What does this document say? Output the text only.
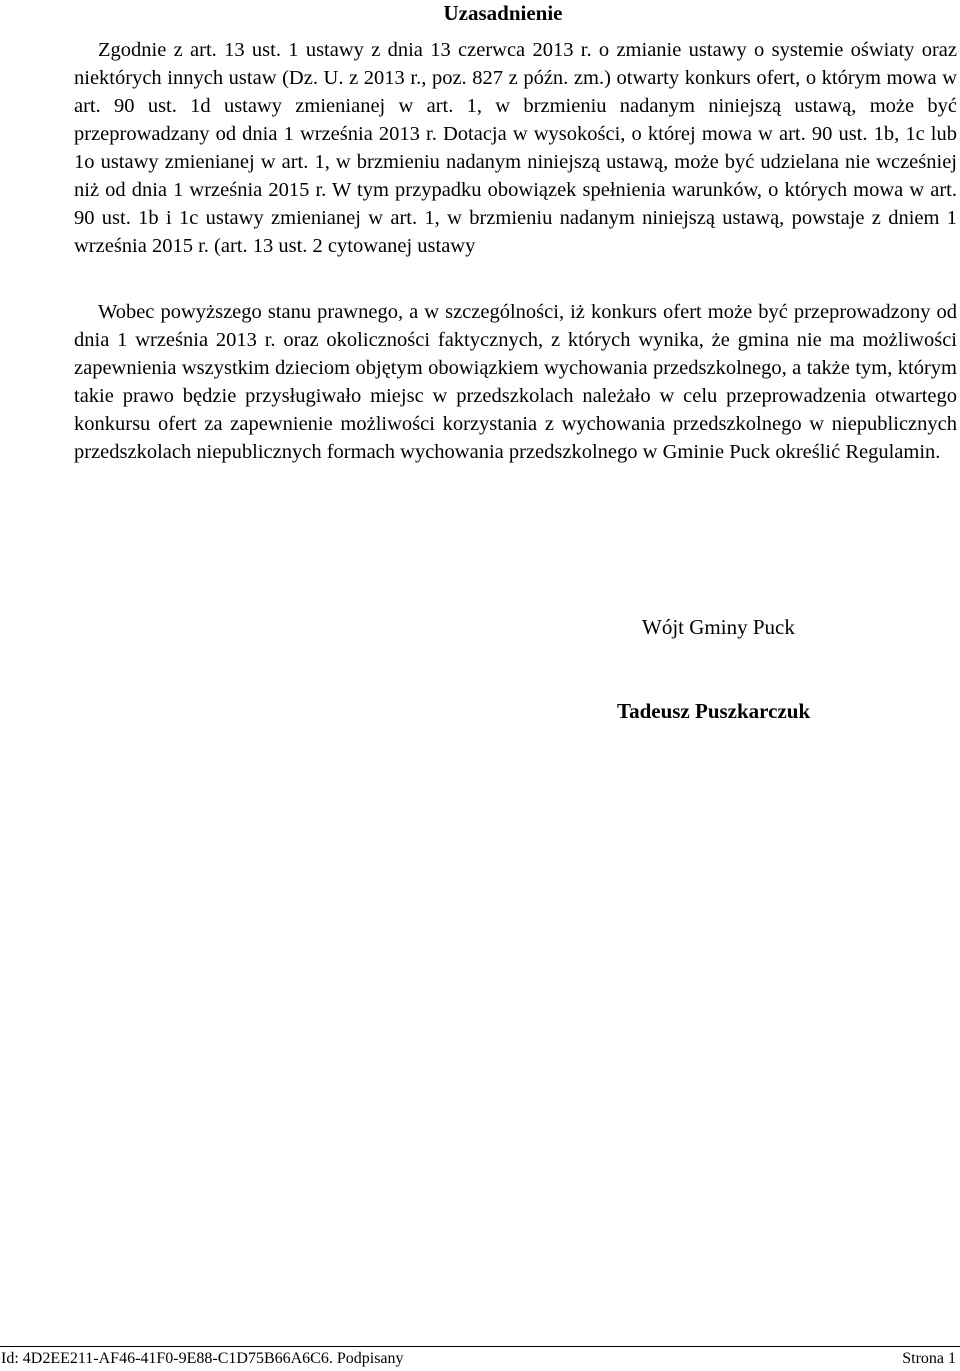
Uzasadnienie

Zgodnie z art. 13 ust. 1 ustawy z dnia 13 czerwca 2013 r. o zmianie ustawy o systemie oświaty oraz niektórych innych ustaw (Dz. U. z 2013 r., poz. 827 z późn. zm.) otwarty konkurs ofert, o którym mowa w art. 90 ust. 1d ustawy zmienianej w art. 1, w brzmieniu nadanym niniejszą ustawą, może być przeprowadzany od dnia 1 września 2013 r. Dotacja w wysokości, o której mowa w art. 90 ust. 1b, 1c lub 1o ustawy zmienianej w art. 1, w brzmieniu nadanym niniejszą ustawą, może być udzielana nie wcześniej niż od dnia 1 września 2015 r. W tym przypadku obowiązek spełnienia warunków, o których mowa w art. 90 ust. 1b i 1c ustawy zmienianej w art. 1, w brzmieniu nadanym niniejszą ustawą, powstaje z dniem 1 września 2015 r. (art. 13 ust. 2 cytowanej ustawy

Wobec powyższego stanu prawnego, a w szczególności, iż konkurs ofert może być przeprowadzony od dnia 1 września 2013 r. oraz okoliczności faktycznych, z których wynika, że gmina nie ma możliwości zapewnienia wszystkim dzieciom objętym obowiązkiem wychowania przedszkolnego, a także tym, którym takie prawo będzie przysługiwało miejsc w przedszkolach należało w celu przeprowadzenia otwartego konkursu ofert za zapewnienie możliwości korzystania z wychowania przedszkolnego w niepublicznych przedszkolach niepublicznych formach wychowania przedszkolnego w Gminie Puck określić Regulamin.

Wójt Gminy Puck
Tadeusz Puszkarczuk
Id: 4D2EE211-AF46-41F0-9E88-C1D75B66A6C6. Podpisany	Strona 1
